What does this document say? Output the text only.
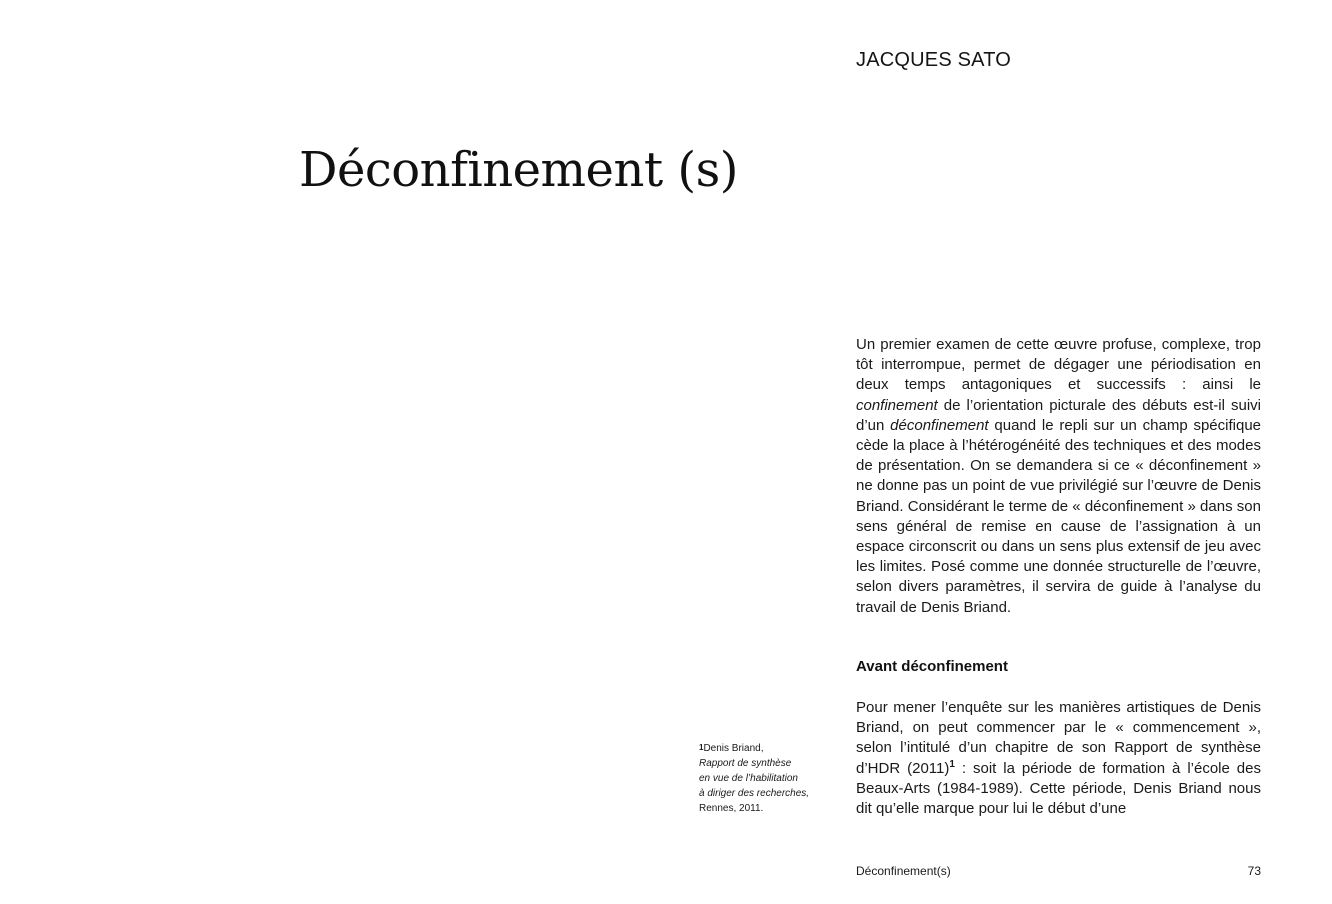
JACQUES SATO
Déconfinement (s)

Un premier examen de cette œuvre profuse, complexe, trop tôt interrompue, permet de dégager une périodisation en deux temps antagoniques et successifs : ainsi le confinement de l’orientation picturale des débuts est-il suivi d’un déconfinement quand le repli sur un champ spécifique cède la place à l’hétérogénéité des techniques et des modes de présentation. On se demandera si ce « déconfinement » ne donne pas un point de vue privilégié sur l’œuvre de Denis Briand. Considérant le terme de « déconfinement » dans son sens général de remise en cause de l’assignation à un espace circonscrit ou dans un sens plus extensif de jeu avec les limites. Posé comme une donnée structurelle de l’œuvre, selon divers paramètres, il servira de guide à l’analyse du travail de Denis Briand.

Avant déconfinement

Pour mener l’enquête sur les manières artistiques de Denis Briand, on peut commencer par le « commencement », selon l’intitulé d’un chapitre de son Rapport de synthèse d’HDR (2011)$^1$ : soit la période de formation à l’école des Beaux-Arts (1984-1989). Cette période, Denis Briand nous dit qu’elle marque pour lui le début d’une

$^1$Denis Briand,
Rapport de synthèse
en vue de l’habilitation
à diriger des recherches,
Rennes, 2011.
Déconfinement(s)	73
